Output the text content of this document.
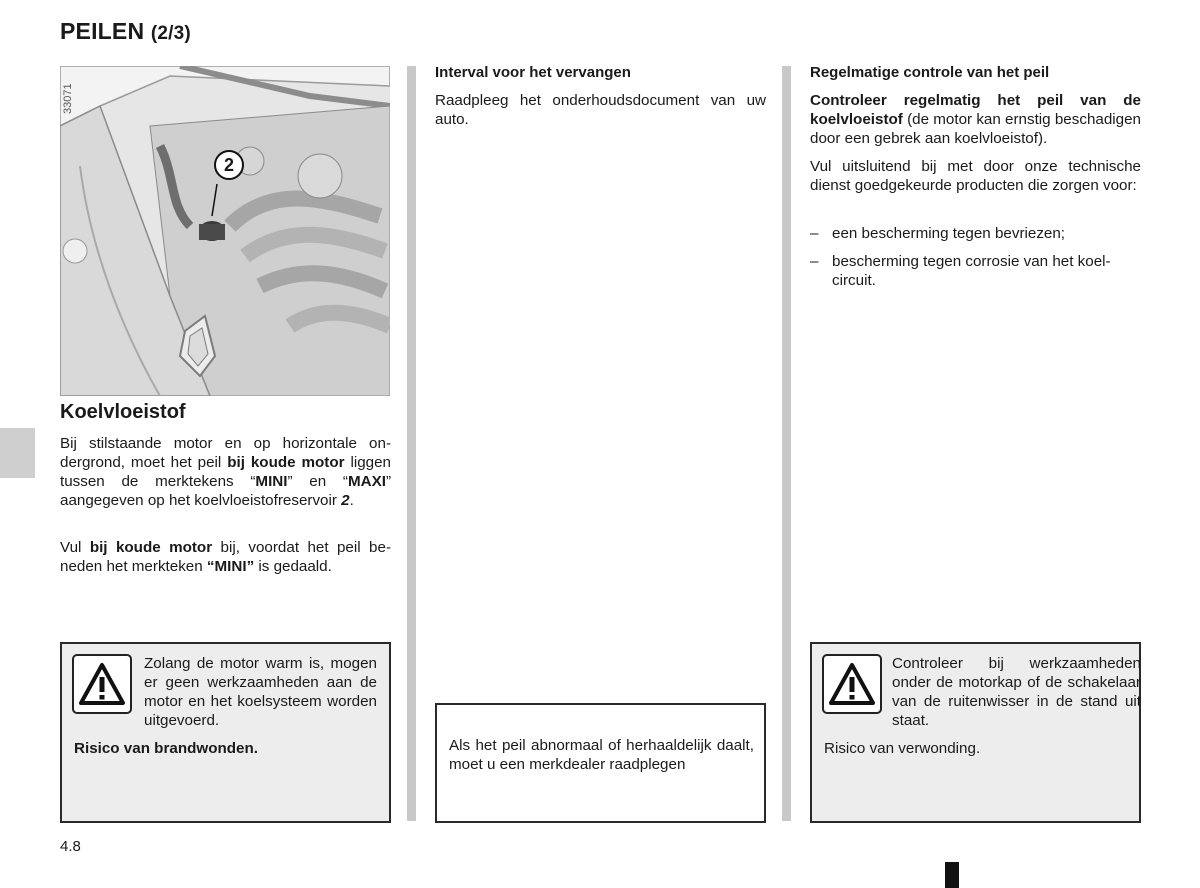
PEILEN (2/3)
2
33071
Koelvloeistof
Bij stilstaande motor en op horizontale ondergrond, moet het peil bij koude motor liggen tussen de merktekens “MINI” en “MAXI” aangegeven op het koelvloeistofreservoir 2.
Vul bij koude motor bij, voordat het peil beneden het merkteken “MINI” is gedaald.
Zolang de motor warm is, mogen er geen werkzaamheden aan de motor en het koelsysteem worden uitgevoerd.
Risico van brandwonden.
Interval voor het vervangen
Raadpleeg het onderhoudsdocument van uw auto.
Als het peil abnormaal of herhaaldelijk daalt, moet u een merkdealer raadplegen
Regelmatige controle van het peil
Controleer regelmatig het peil van de koelvloeistof (de motor kan ernstig beschadigen door een gebrek aan koelvloeistof).
Vul uitsluitend bij met door onze technische dienst goedgekeurde producten die zorgen voor:
– een bescherming tegen bevriezen;
– bescherming tegen corrosie van het koelcircuit.
Controleer bij werkzaamheden onder de motorkap of de schakelaar van de ruitenwisser in de stand uit staat.
Risico van verwonding.
4.8
